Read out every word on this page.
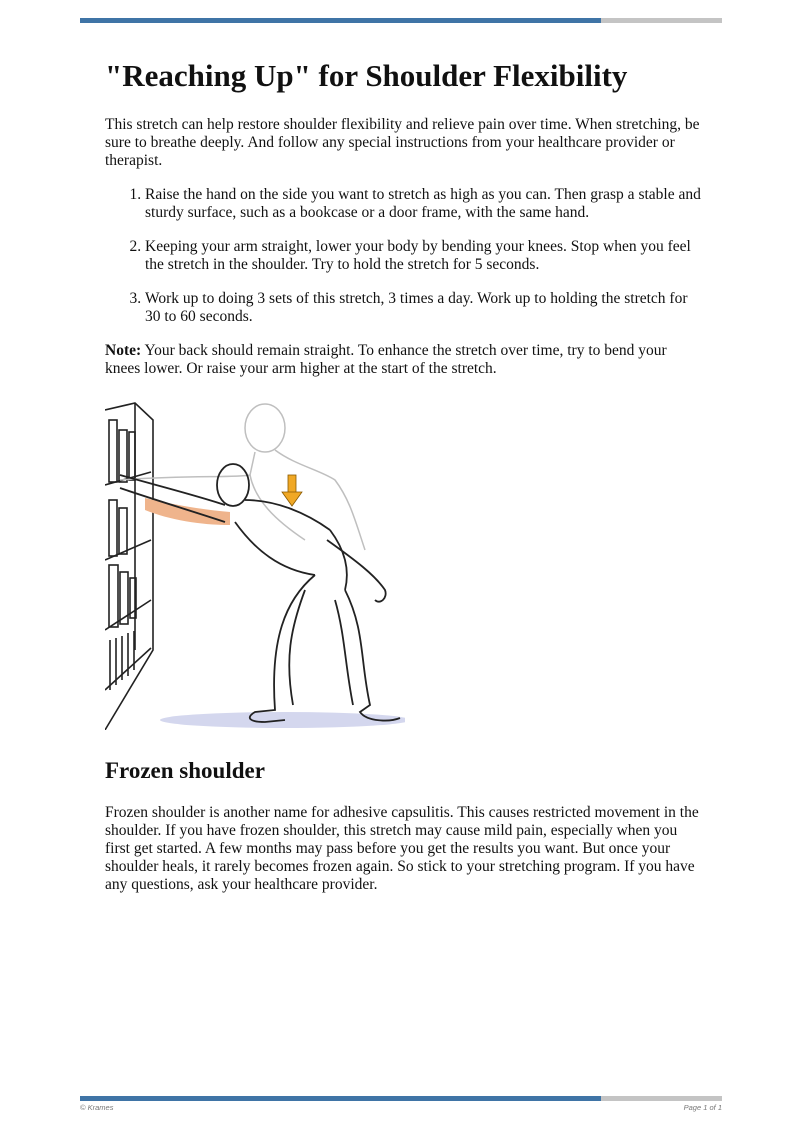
"Reaching Up" for Shoulder Flexibility

This stretch can help restore shoulder flexibility and relieve pain over time. When stretching, be sure to breathe deeply. And follow any special instructions from your healthcare provider or therapist.

1. Raise the hand on the side you want to stretch as high as you can. Then grasp a stable and sturdy surface, such as a bookcase or a door frame, with the same hand.
2. Keeping your arm straight, lower your body by bending your knees. Stop when you feel the stretch in the shoulder. Try to hold the stretch for 5 seconds.
3. Work up to doing 3 sets of this stretch, 3 times a day. Work up to holding the stretch for 30 to 60 seconds.

Note: Your back should remain straight. To enhance the stretch over time, try to bend your knees lower. Or raise your arm higher at the start of the stretch.

Frozen shoulder

Frozen shoulder is another name for adhesive capsulitis. This causes restricted movement in the shoulder. If you have frozen shoulder, this stretch may cause mild pain, especially when you first get started. A few months may pass before you get the results you want. But once your shoulder heals, it rarely becomes frozen again. So stick to your stretching program. If you have any questions, ask your healthcare provider.

© Krames	Page 1 of 1
